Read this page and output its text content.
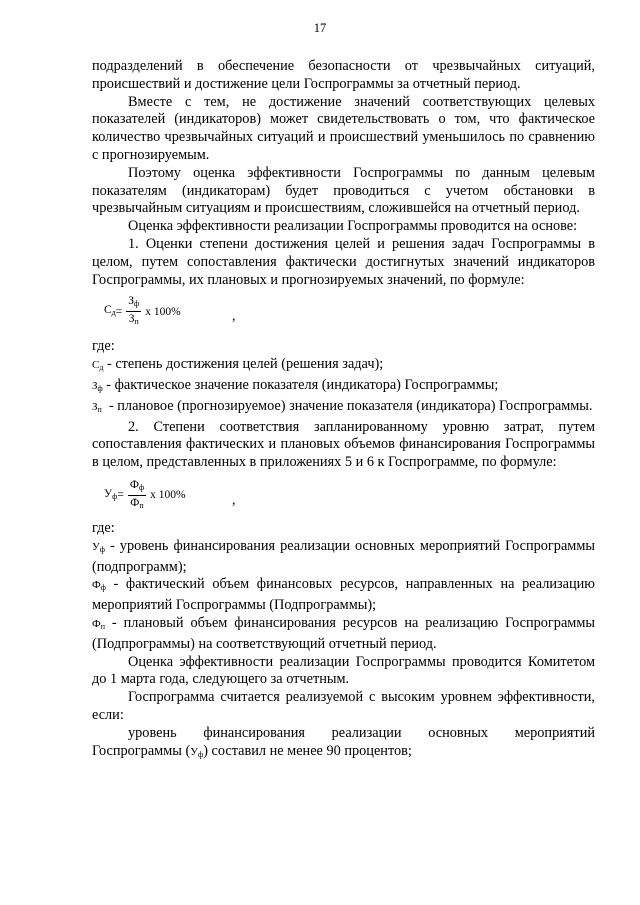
17

подразделений в обеспечение безопасности от чрезвычайных ситуаций,

происшествий и достижение цели Госпрограммы за отчетный период.

Вместе с тем, не достижение значений соответствующих целевых показателей (индикаторов) может свидетельствовать о том, что фактическое количество чрезвычайных ситуаций и происшествий уменьшилось по сравнению с прогнозируемым.

Поэтому оценка эффективности Госпрограммы по данным целевым показателям (индикаторам) будет проводиться с учетом обстановки в чрезвычайным ситуациям и происшествиям, сложившейся на отчетный период.

Оценка эффективности реализации Госпрограммы проводится на основе:

1. Оценки степени достижения целей и решения задач Госпрограммы в целом, путем сопоставления фактически достигнутых значений индикаторов Госпрограммы, их плановых и прогнозируемых значений, по формуле:

$С_д = \frac{З_ф}{З_п}$ x 100%	,

где:

$С_д$ - степень достижения целей (решения задач);

$З_ф$ - фактическое значение показателя (индикатора) Госпрограммы;

$З_п$  - плановое (прогнозируемое) значение показателя (индикатора) Госпрограммы.

2. Степени соответствия запланированному уровню затрат, путем сопоставления фактических и плановых объемов финансирования Госпрограммы в целом, представленных в приложениях 5 и 6 к Госпрограмме, по формуле:

$У_ф = \frac{Ф_ф}{Ф_п}$ x 100%	,

где:

$У_ф$ - уровень финансирования реализации основных мероприятий Госпрограммы (подпрограмм);

$Ф_ф$ - фактический объем финансовых ресурсов, направленных на реализацию мероприятий Госпрограммы (Подпрограммы);

$Ф_п$ - плановый объем финансирования ресурсов на реализацию Госпрограммы (Подпрограммы) на соответствующий отчетный период.

Оценка эффективности реализации Госпрограммы проводится Комитетом до 1 марта года, следующего за отчетным.

Госпрограмма считается реализуемой с высоким уровнем эффективности, если:

уровень финансирования реализации основных мероприятий

Госпрограммы $(У_ф)$ составил не менее 90 процентов;
